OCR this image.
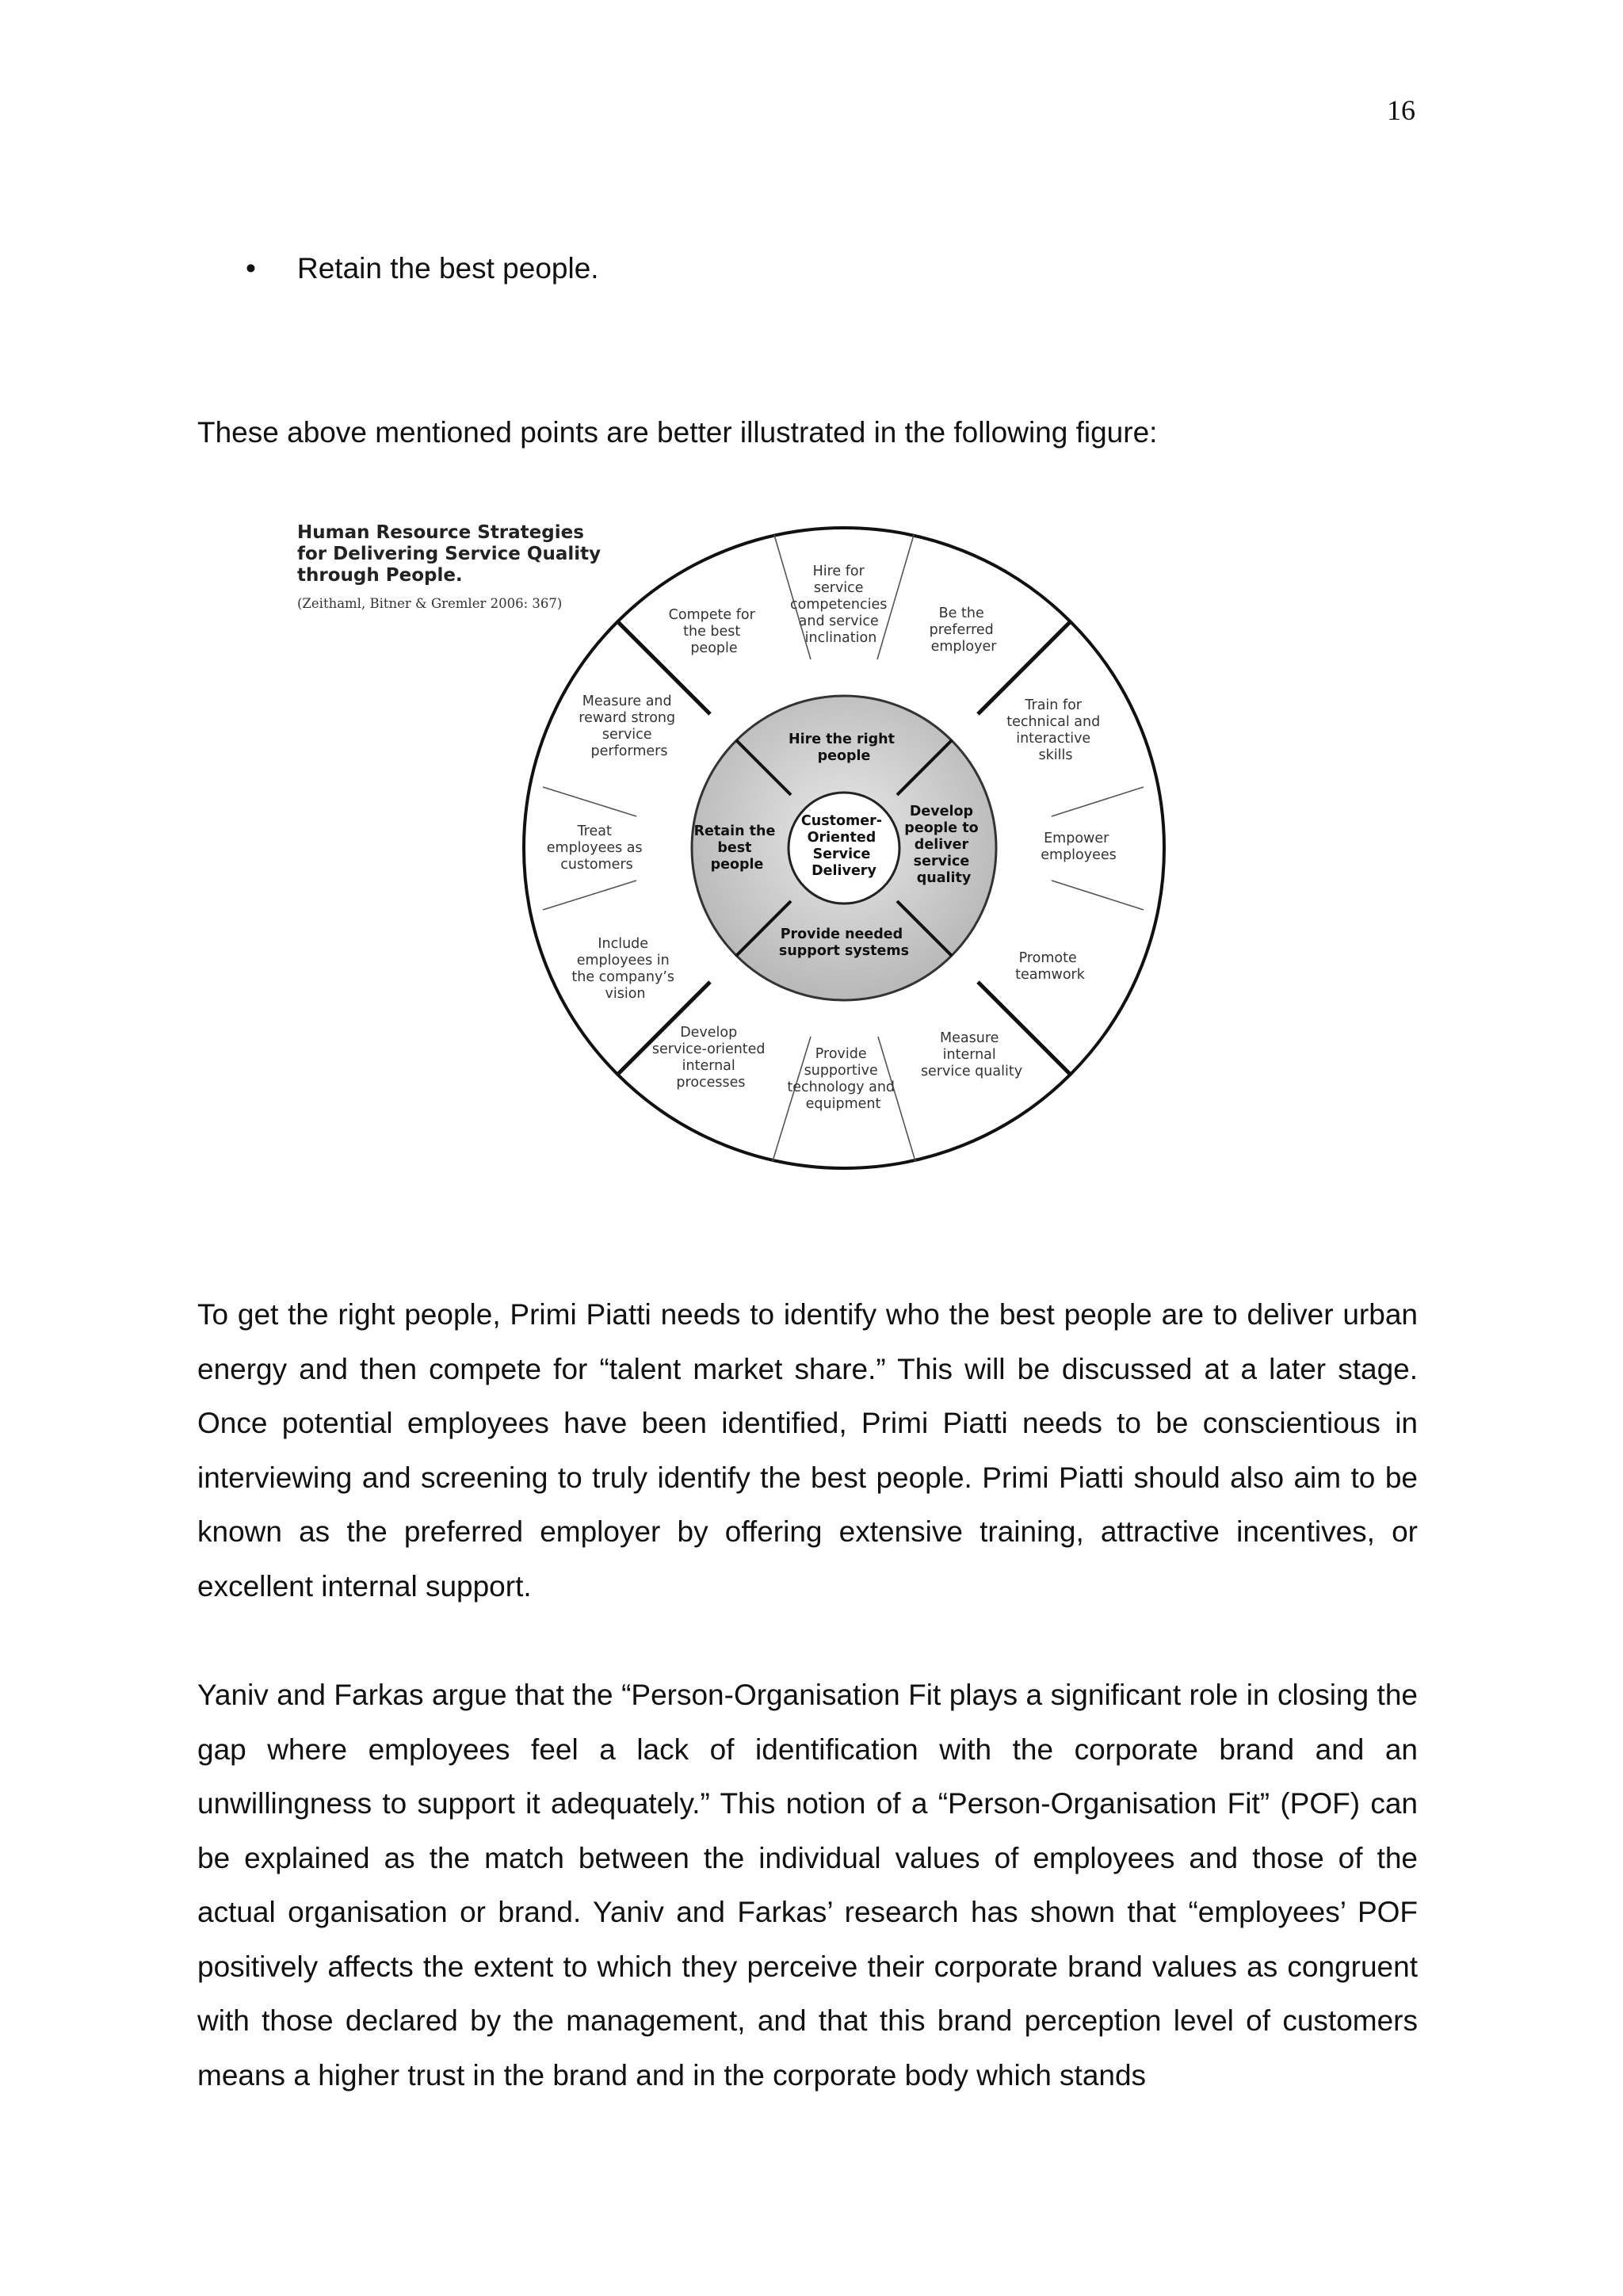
16
• Retain the best people.
These above mentioned points are better illustrated in the following figure:
Human Resource Strategies
for Delivering Service Quality
through People.
(Zeithaml, Bitner & Gremler 2006: 367)
Customer- Oriented Service Delivery
Hire the right people
Develop people to deliver service quality
Provide needed support systems
Retain the best people
Compete for the best people
Hire for service competencies and service inclination
Be the preferred employer
Train for technical and interactive skills
Empower employees
Promote teamwork
Measure internal service quality
Provide supportive technology and equipment
Develop service-oriented internal processes
Include employees in the company’s vision
Treat employees as customers
Measure and reward strong service performers

To get the right people, Primi Piatti needs to identify who the best people are to deliver urban energy and then compete for “talent market share.” This will be discussed at a later stage. Once potential employees have been identified, Primi Piatti needs to be conscientious in interviewing and screening to truly identify the best people. Primi Piatti should also aim to be known as the preferred employer by offering extensive training, attractive incentives, or excellent internal support.

Yaniv and Farkas argue that the “Person-Organisation Fit plays a significant role in closing the gap where employees feel a lack of identification with the corporate brand and an unwillingness to support it adequately.” This notion of a “Person-Organisation Fit” (POF) can be explained as the match between the individual values of employees and those of the actual organisation or brand. Yaniv and Farkas’ research has shown that “employees’ POF positively affects the extent to which they perceive their corporate brand values as congruent with those declared by the management, and that this brand perception level of customers means a higher trust in the brand and in the corporate body which stands
